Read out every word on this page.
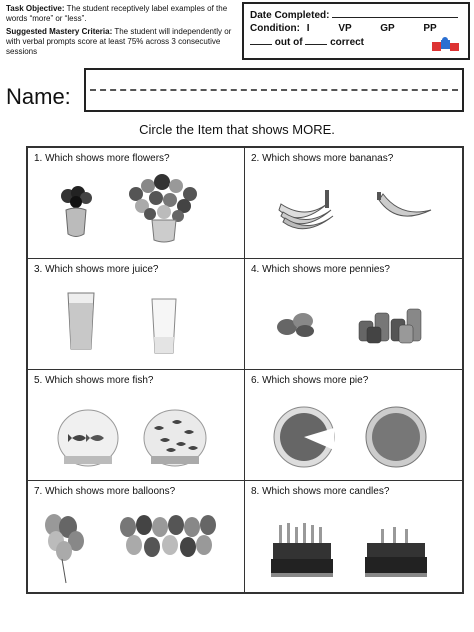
Task Objective: The student receptively label examples of the words “more” or “less”.

Suggested Mastery Criteria: The student will independently or with verbal prompts score at least 75% across 3 consecutive sessions

Date Completed:
Condition: I	VP	GP	PP
out of	correct
Name:
Circle the Item that shows MORE.
1. Which shows more flowers?	2. Which shows more bananas?
3. Which shows more juice?	4. Which shows more pennies?
5. Which shows more fish?	6. Which shows more pie?
7. Which shows more balloons?	8. Which shows more candles?
